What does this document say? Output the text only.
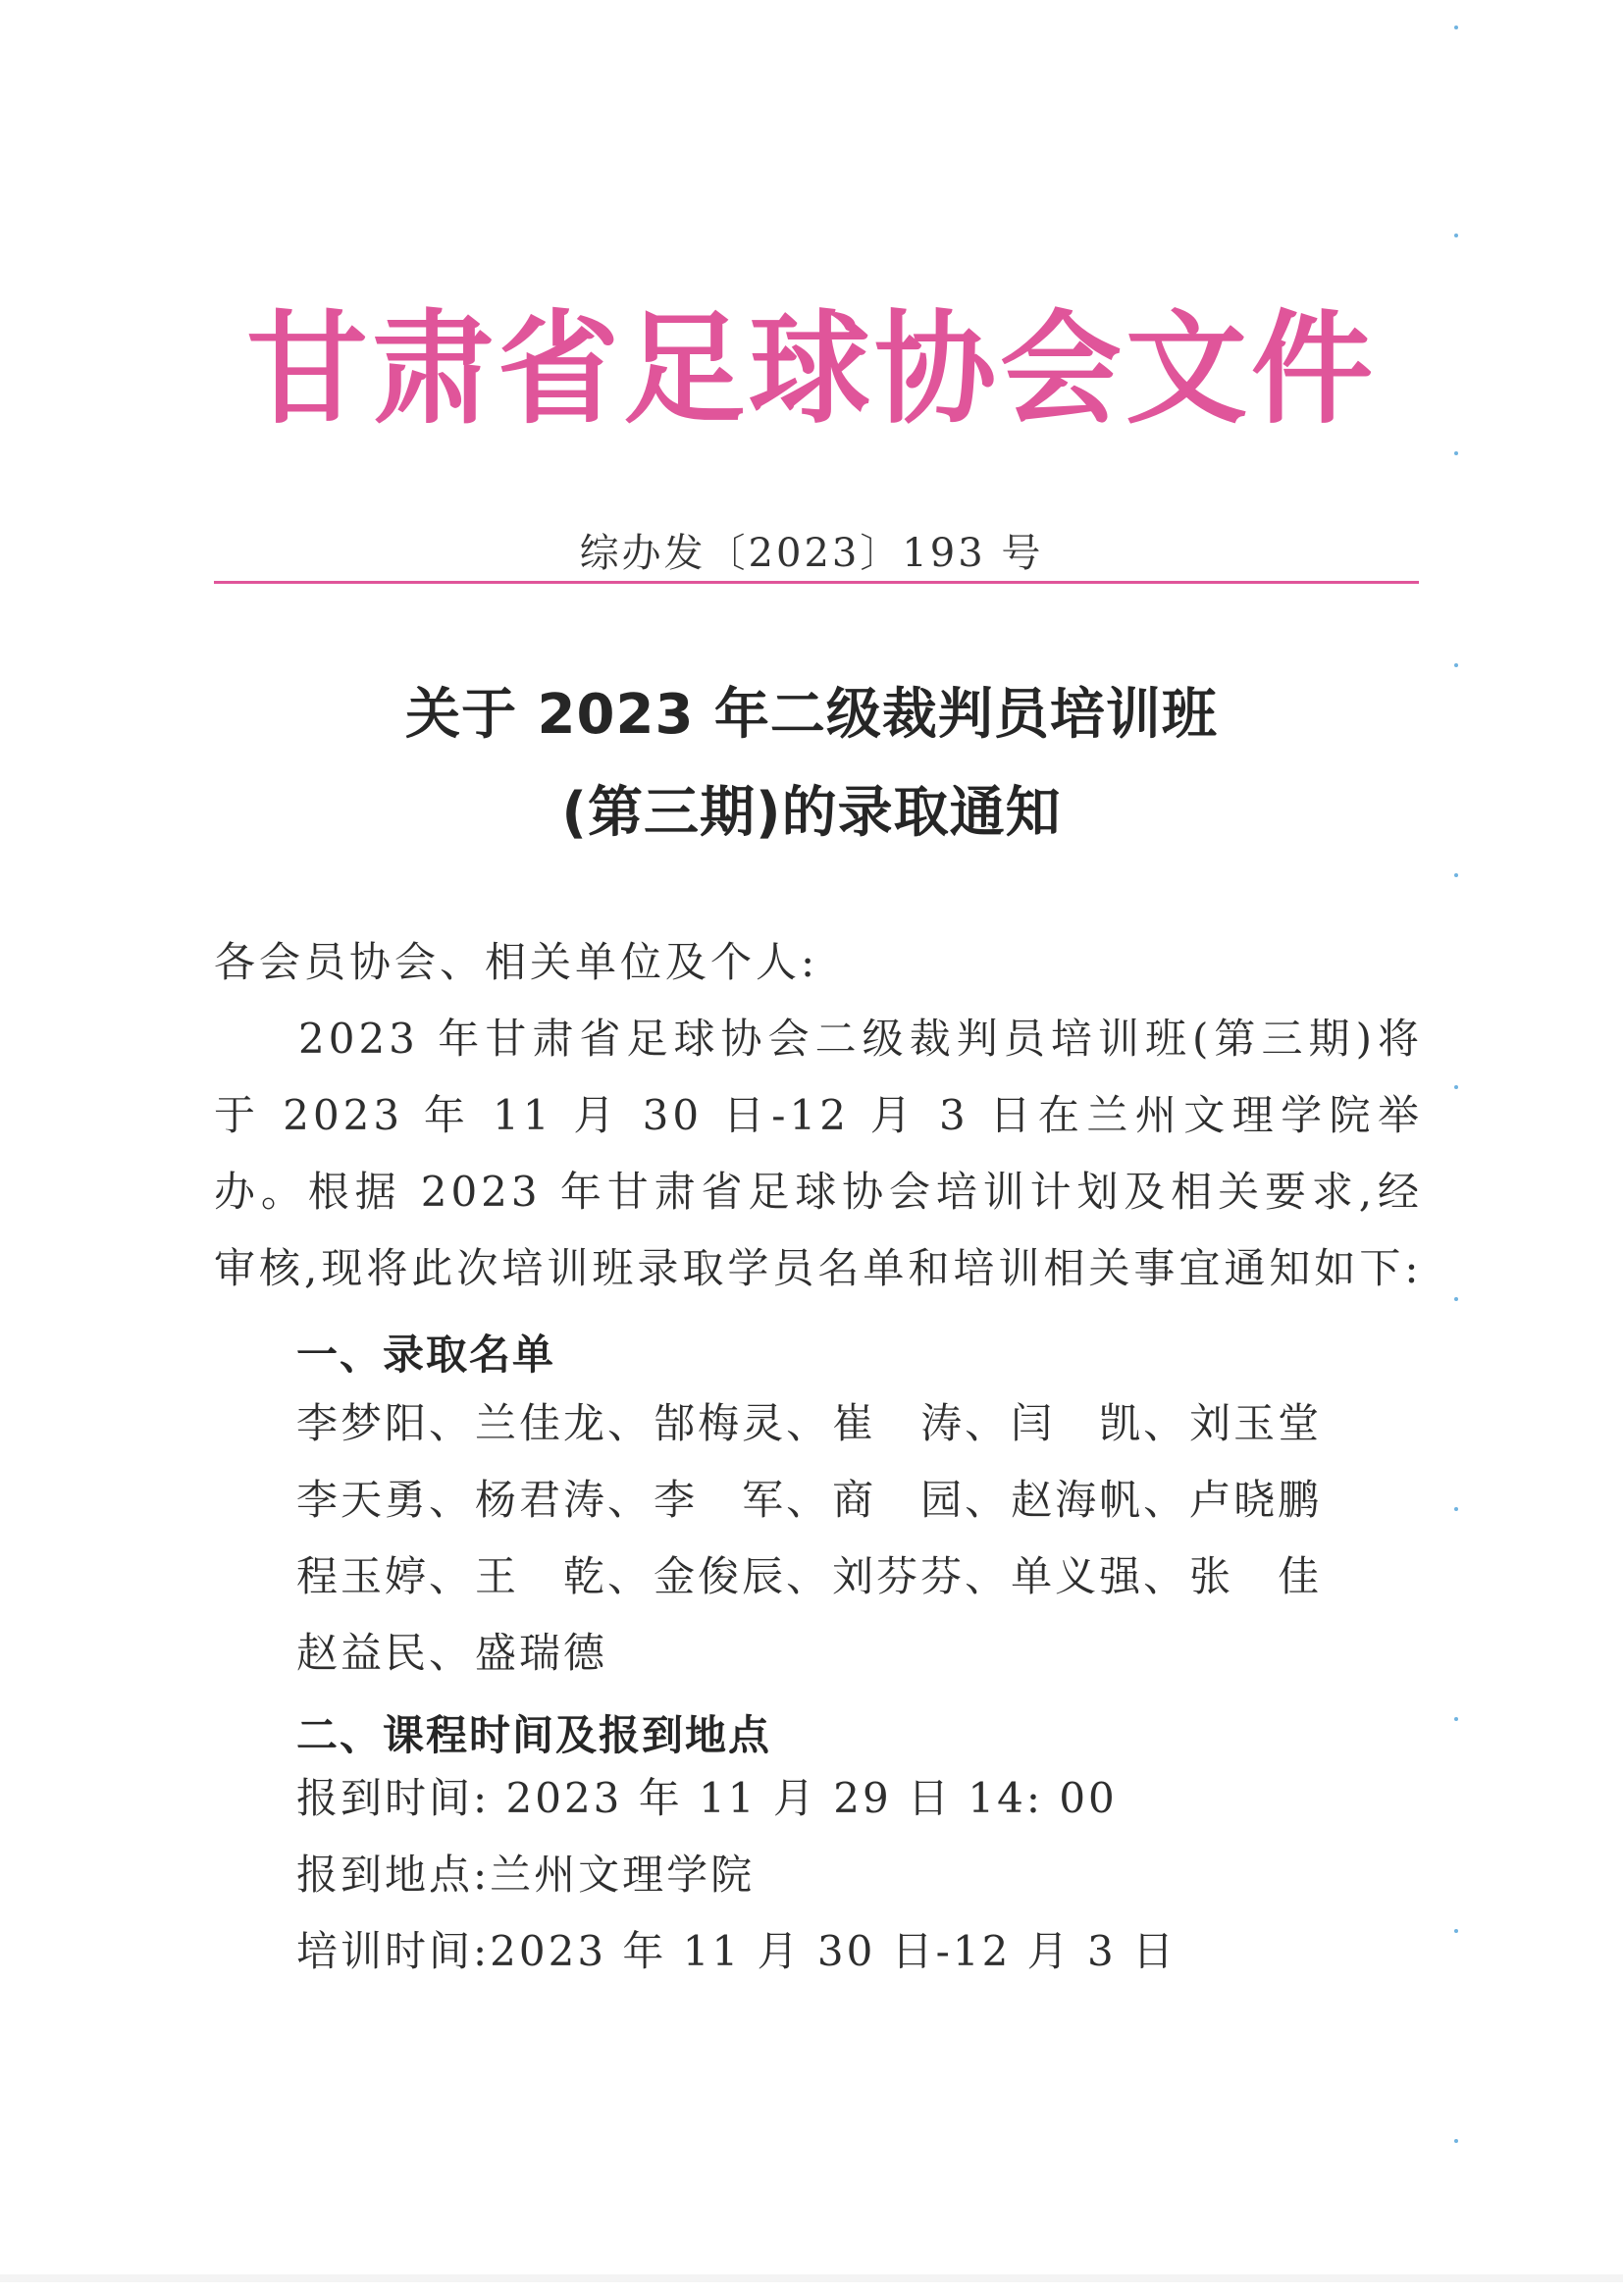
甘肃省足球协会文件
综办发〔2023〕193 号
关于 2023 年二级裁判员培训班
(第三期)的录取通知
各会员协会、相关单位及个人:
2023 年甘肃省足球协会二级裁判员培训班(第三期)将于 2023 年 11 月 30 日-12 月 3 日在兰州文理学院举办。根据 2023 年甘肃省足球协会培训计划及相关要求,经审核,现将此次培训班录取学员名单和培训相关事宜通知如下:
一、录取名单
李梦阳、兰佳龙、郜梅灵、崔　涛、闫　凯、刘玉堂
李天勇、杨君涛、李　军、商　园、赵海帆、卢晓鹏
程玉婷、王　乾、金俊辰、刘芬芬、单义强、张　佳
赵益民、盛瑞德
二、课程时间及报到地点
报到时间: 2023 年 11 月 29 日 14: 00
报到地点:兰州文理学院
培训时间:2023 年 11 月 30 日-12 月 3 日
